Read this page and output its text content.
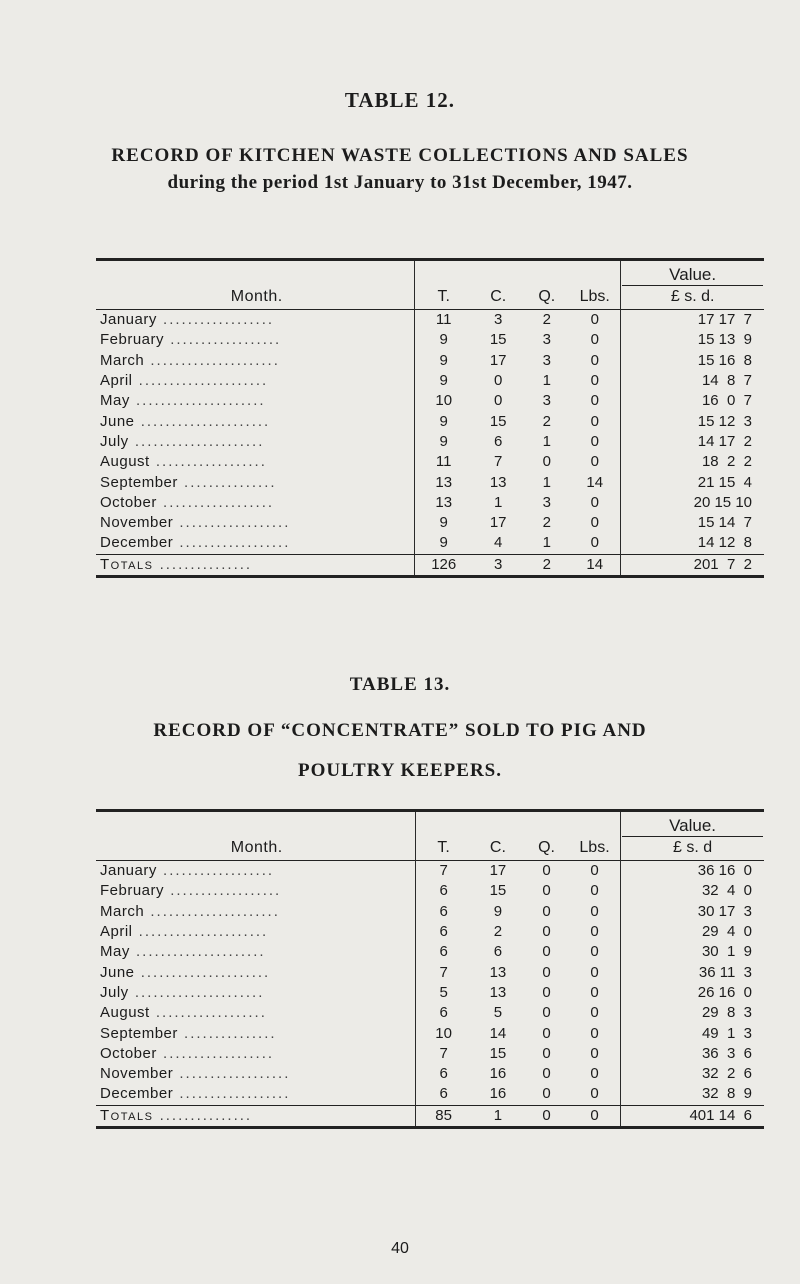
TABLE 12.
RECORD OF KITCHEN WASTE COLLECTIONS AND SALES
during the period 1st January to 31st December, 1947.
Month.	T.	C.	Q.	Lbs.	Value.
£ s. d.

January ..................	11	3	2	0	17 17  7
February ..................	9	15	3	0	15 13  9
March .....................	9	17	3	0	15 16  8
April .....................	9	0	1	0	14  8  7
May .....................	10	0	3	0	16  0  7
June .....................	9	15	2	0	15 12  3
July .....................	9	6	1	0	14 17  2
August ..................	11	7	0	0	18  2  2
September ...............	13	13	1	14	21 15  4
October ..................	13	1	3	0	20 15 10
November ..................	9	17	2	0	15 14  7
December ..................	9	4	1	0	14 12  8
Totals ...............	126	3	2	14	201  7  2
TABLE 13.
RECORD OF “CONCENTRATE” SOLD TO PIG AND
POULTRY KEEPERS.
Month.	T.	C.	Q.	Lbs.	Value.
£ s. d

January ..................	7	17	0	0	36 16  0
February ..................	6	15	0	0	32  4  0
March .....................	6	9	0	0	30 17  3
April .....................	6	2	0	0	29  4  0
May .....................	6	6	0	0	30  1  9
June .....................	7	13	0	0	36 11  3
July .....................	5	13	0	0	26 16  0
August ..................	6	5	0	0	29  8  3
September ...............	10	14	0	0	49  1  3
October ..................	7	15	0	0	36  3  6
November ..................	6	16	0	0	32  2  6
December ..................	6	16	0	0	32  8  9
Totals ...............	85	1	0	0	401 14  6
40
